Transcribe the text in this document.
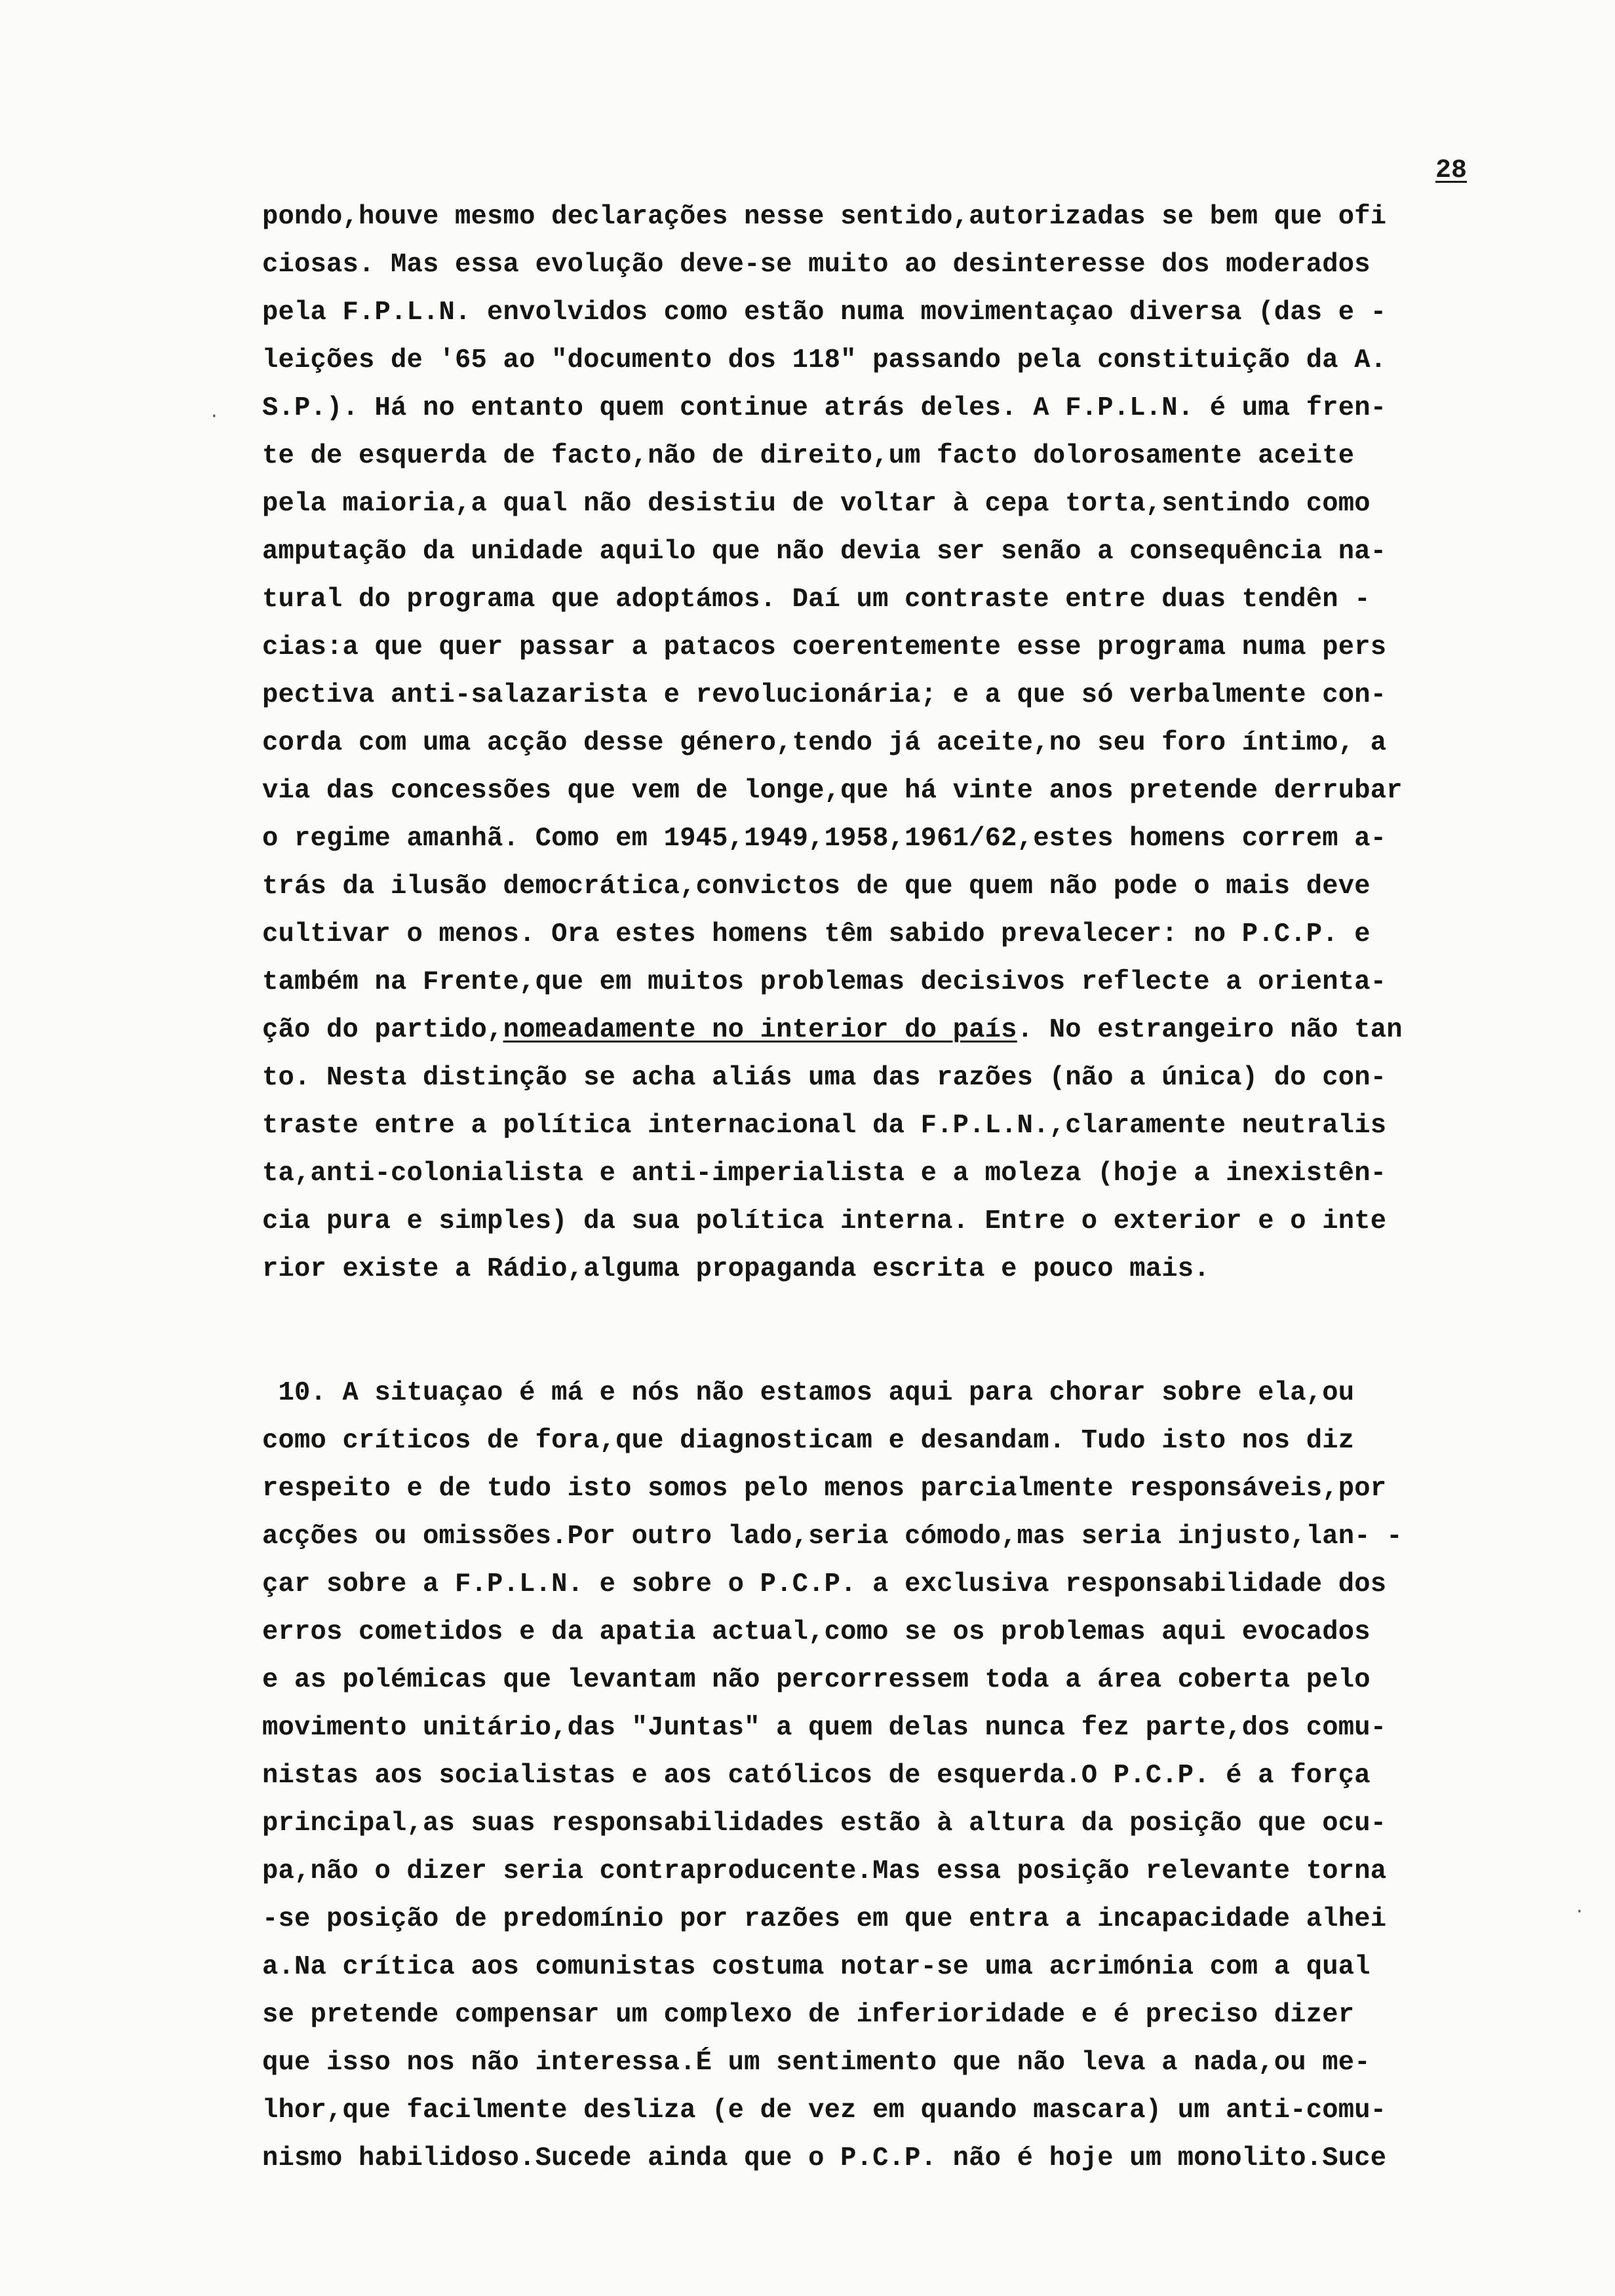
28
·
·
pondo,houve mesmo declarações nesse sentido,autorizadas se bem que ofi
ciosas. Mas essa evolução deve-se muito ao desinteresse dos moderados
pela F.P.L.N. envolvidos como estão numa movimentaçao diversa (das e -
leições de '65 ao "documento dos 118" passando pela constituição da A.
S.P.). Há no entanto quem continue atrás deles. A F.P.L.N. é uma fren-
te de esquerda de facto,não de direito,um facto dolorosamente aceite
pela maioria,a qual não desistiu de voltar à cepa torta,sentindo como
amputação da unidade aquilo que não devia ser senão a consequência na-
tural do programa que adoptámos. Daí um contraste entre duas tendên -
cias:a que quer passar a patacos coerentemente esse programa numa pers
pectiva anti-salazarista e revolucionária; e a que só verbalmente con-
corda com uma acção desse género,tendo já aceite,no seu foro íntimo, a
via das concessões que vem de longe,que há vinte anos pretende derrubar
o regime amanhã. Como em 1945,1949,1958,1961/62,estes homens correm a-
trás da ilusão democrática,convictos de que quem não pode o mais deve
cultivar o menos. Ora estes homens têm sabido prevalecer: no P.C.P. e
também na Frente,que em muitos problemas decisivos reflecte a orienta-
ção do partido,nomeadamente no interior do país. No estrangeiro não tan
to. Nesta distinção se acha aliás uma das razões (não a única) do con-
traste entre a política internacional da F.P.L.N.,claramente neutralis
ta,anti-colonialista e anti-imperialista e a moleza (hoje a inexistên-
cia pura e simples) da sua política interna. Entre o exterior e o inte
rior existe a Rádio,alguma propaganda escrita e pouco mais.
10. A situaçao é má e nós não estamos aqui para chorar sobre ela,ou
como críticos de fora,que diagnosticam e desandam. Tudo isto nos diz
respeito e de tudo isto somos pelo menos parcialmente responsáveis,por
acções ou omissões.Por outro lado,seria cómodo,mas seria injusto,lan- -
çar sobre a F.P.L.N. e sobre o P.C.P. a exclusiva responsabilidade dos
erros cometidos e da apatia actual,como se os problemas aqui evocados
e as polémicas que levantam não percorressem toda a área coberta pelo
movimento unitário,das "Juntas" a quem delas nunca fez parte,dos comu-
nistas aos socialistas e aos católicos de esquerda.O P.C.P. é a força
principal,as suas responsabilidades estão à altura da posição que ocu-
pa,não o dizer seria contraproducente.Mas essa posição relevante torna
-se posição de predomínio por razões em que entra a incapacidade alhei
a.Na crítica aos comunistas costuma notar-se uma acrimónia com a qual
se pretende compensar um complexo de inferioridade e é preciso dizer
que isso nos não interessa.É um sentimento que não leva a nada,ou me-
lhor,que facilmente desliza (e de vez em quando mascara) um anti-comu-
nismo habilidoso.Sucede ainda que o P.C.P. não é hoje um monolito.Suce
